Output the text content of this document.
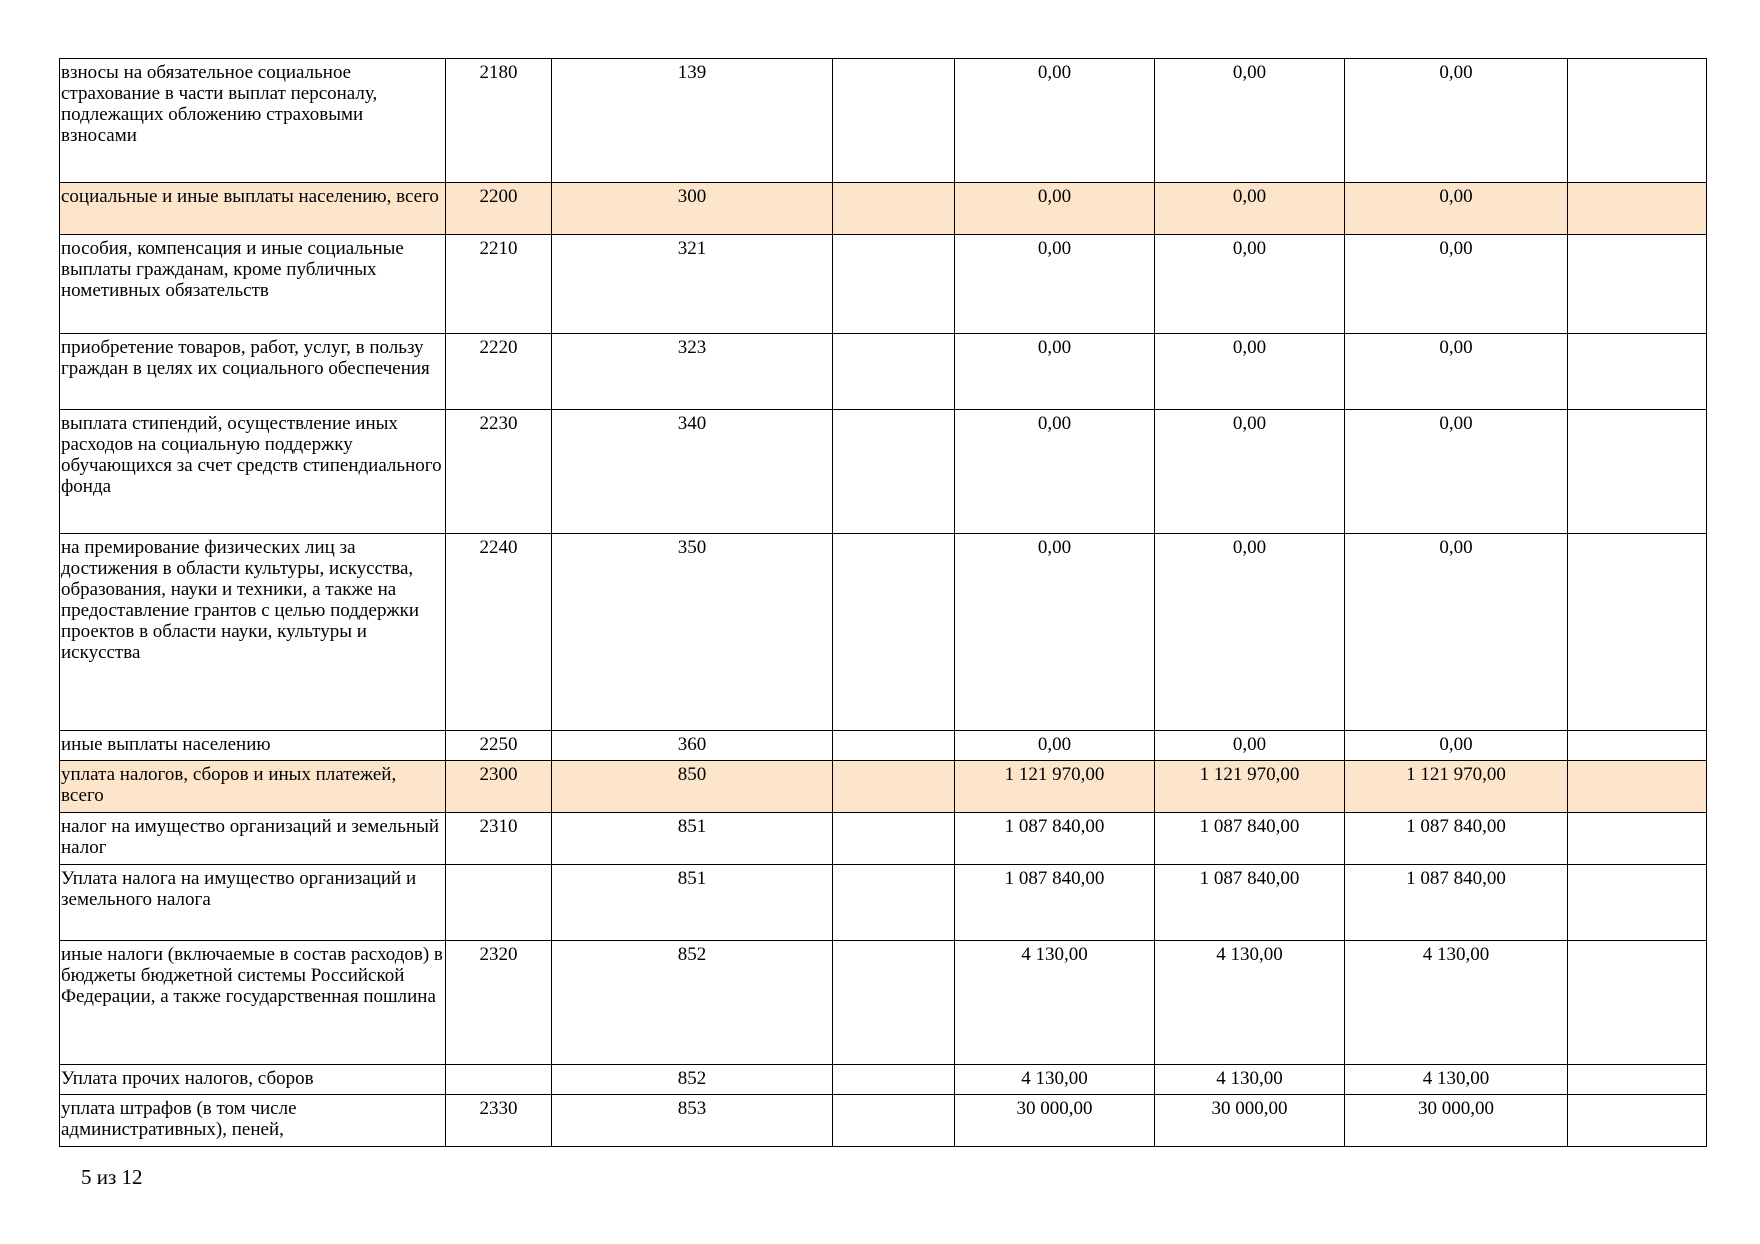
взносы на обязательное социальное страхование в части выплат персоналу, подлежащих обложению страховыми взносами	2180	139		0,00	0,00	0,00	
социальные и иные выплаты населению, всего	2200	300		0,00	0,00	0,00	
пособия, компенсация и иные социальные выплаты гражданам, кроме публичных нометивных обязательств	2210	321		0,00	0,00	0,00	
приобретение товаров, работ, услуг, в пользу граждан в целях их социального обеспечения	2220	323		0,00	0,00	0,00	
выплата стипендий, осуществление иных расходов на социальную поддержку обучающихся за счет средств стипендиального фонда	2230	340		0,00	0,00	0,00	
на премирование физических лиц за достижения в области культуры, искусства, образования, науки и техники, а также на предоставление грантов с целью поддержки проектов в области науки, культуры и искусства	2240	350		0,00	0,00	0,00	
иные выплаты населению	2250	360		0,00	0,00	0,00	
уплата налогов, сборов и иных платежей, всего	2300	850		1 121 970,00	1 121 970,00	1 121 970,00	
налог на имущество организаций и земельный налог	2310	851		1 087 840,00	1 087 840,00	1 087 840,00	
Уплата налога на имущество организаций и земельного налога		851		1 087 840,00	1 087 840,00	1 087 840,00	
иные налоги (включаемые в состав расходов) в бюджеты бюджетной системы Российской Федерации, а также государственная пошлина	2320	852		4 130,00	4 130,00	4 130,00	
Уплата прочих налогов, сборов		852		4 130,00	4 130,00	4 130,00	
уплата штрафов (в том числе административных), пеней,	2330	853		30 000,00	30 000,00	30 000,00	
5 из 12
